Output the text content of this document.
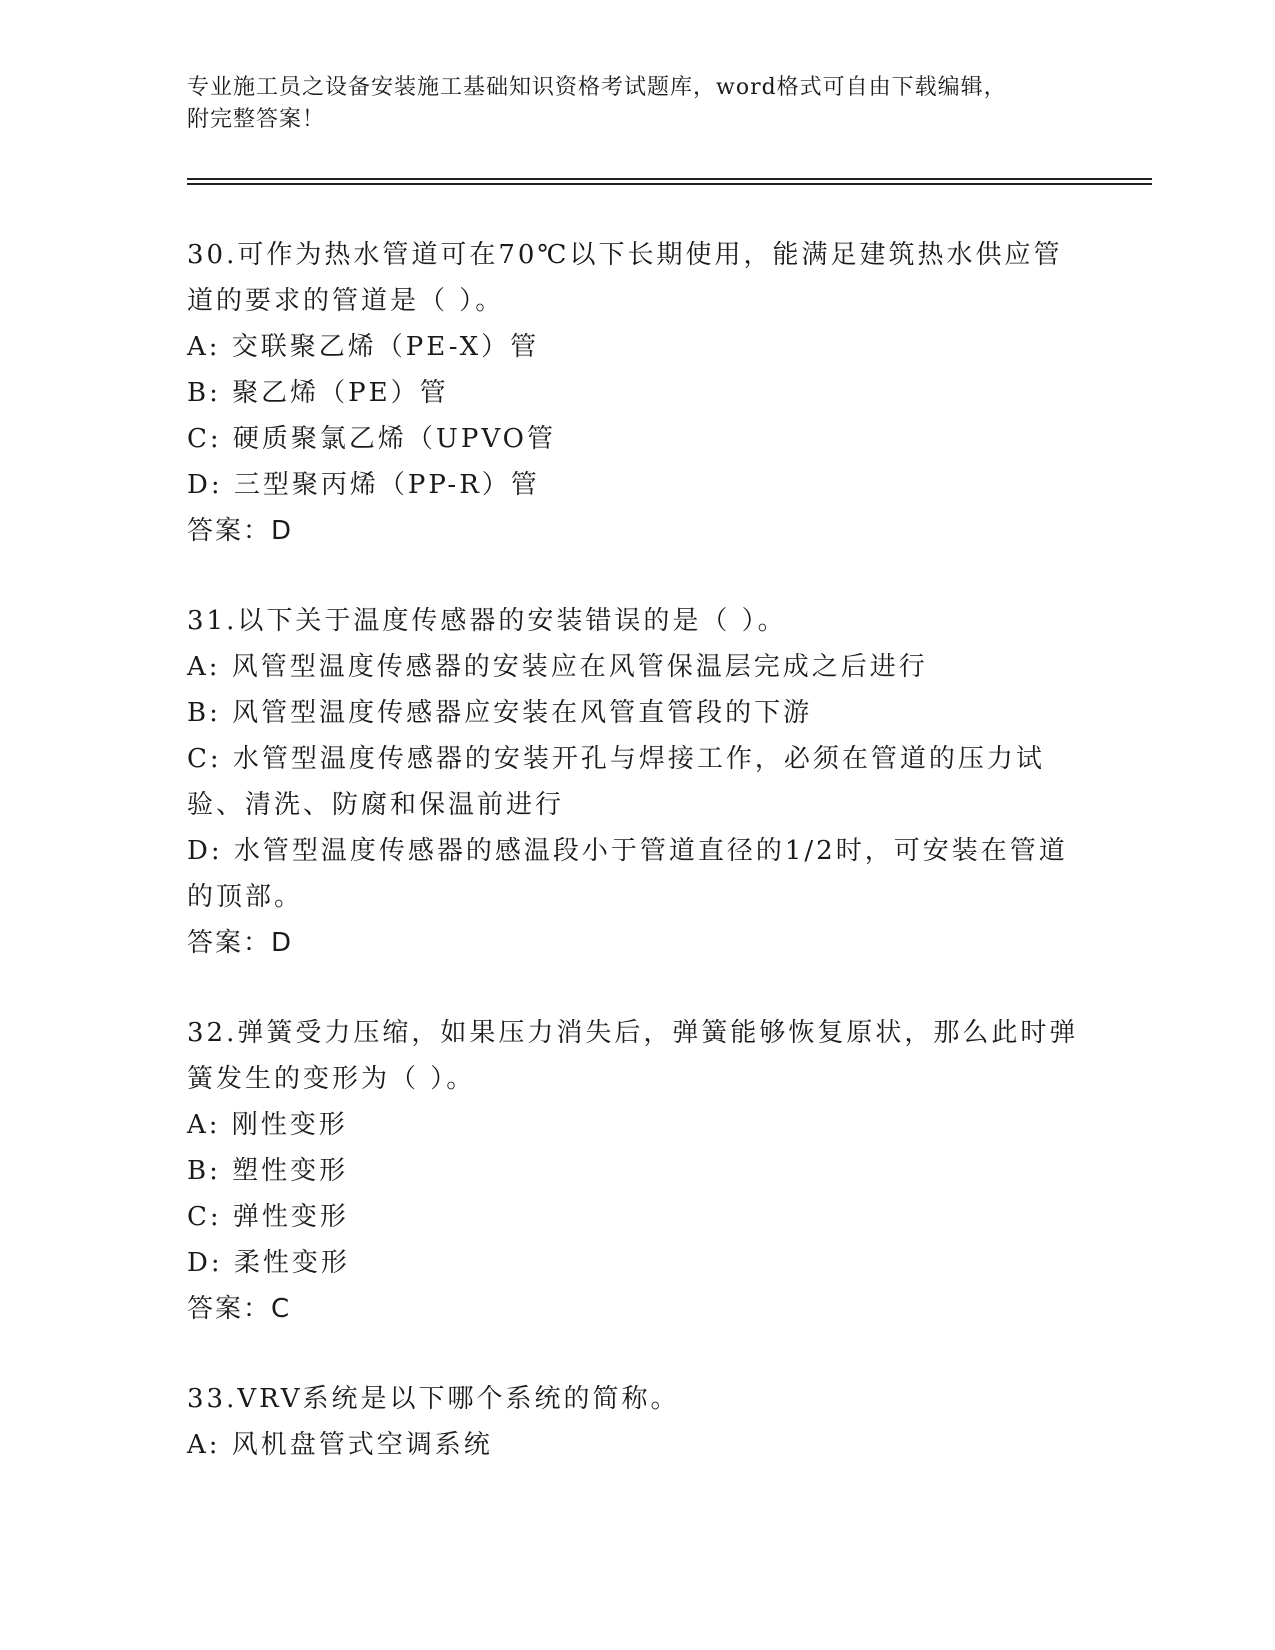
专业施工员之设备安装施工基础知识资格考试题库，word格式可自由下载编辑，
附完整答案！
30.可作为热水管道可在70℃以下长期使用，能满足建筑热水供应管道的要求的管道是（ ）。
A: 交联聚乙烯（PE-X）管
B: 聚乙烯（PE）管
C: 硬质聚氯乙烯（UPVO管
D: 三型聚丙烯（PP-R）管
答案：D
31.以下关于温度传感器的安装错误的是（ ）。
A: 风管型温度传感器的安装应在风管保温层完成之后进行
B: 风管型温度传感器应安装在风管直管段的下游
C: 水管型温度传感器的安装开孔与焊接工作，必须在管道的压力试验、清洗、防腐和保温前进行
D: 水管型温度传感器的感温段小于管道直径的1/2时，可安装在管道的顶部。
答案：D
32.弹簧受力压缩，如果压力消失后，弹簧能够恢复原状，那么此时弹簧发生的变形为（ ）。
A: 刚性变形
B: 塑性变形
C: 弹性变形
D: 柔性变形
答案：C
33.VRV系统是以下哪个系统的简称。
A: 风机盘管式空调系统
